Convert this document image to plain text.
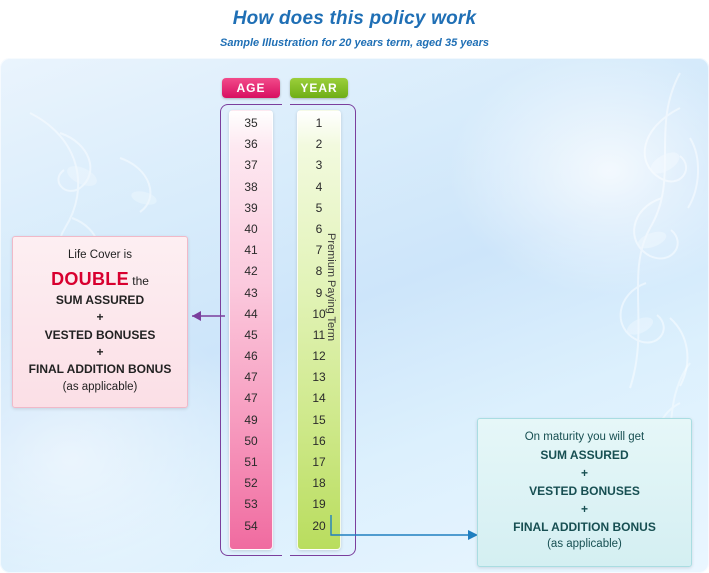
How does this policy work

Sample Illustration for 20 years term, aged 35 years

AGE	YEAR
35
36
37
38
39
40
41
42
43
44
45
46
47
47
49
50
51
52
53
54
1
2
3
4
5
6
7
8
9
10
11
12
13
14
15
16
17
18
19
20
Premium Paying Term
Life Cover is
DOUBLE the
SUM ASSURED
+
VESTED BONUSES
+
FINAL ADDITION BONUS
(as applicable)
On maturity you will get
SUM ASSURED
+
VESTED BONUSES
+
FINAL ADDITION BONUS
(as applicable)
